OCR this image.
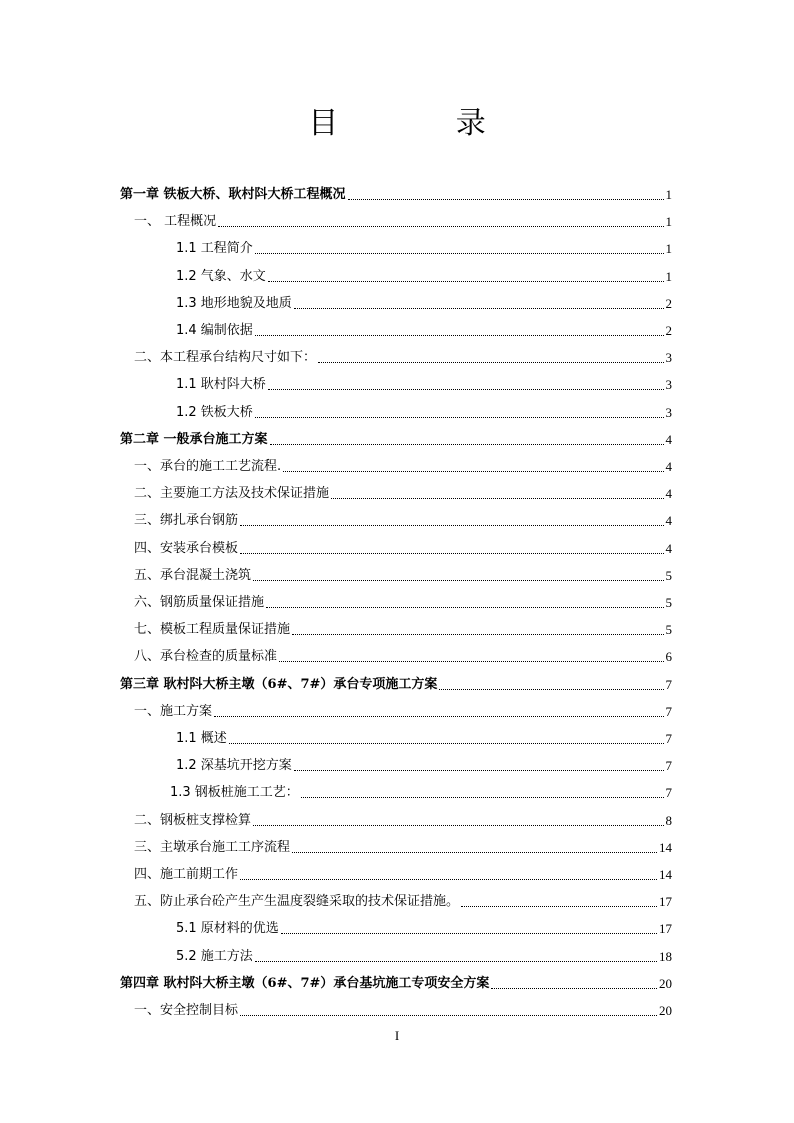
目 录
第一章 铁板大桥、耿村阧大桥工程概况	1
一、 工程概况	1
1.1 工程简介	1
1.2 气象、水文	1
1.3 地形地貌及地质	2
1.4 编制依据	2
二、本工程承台结构尺寸如下：	3
1.1 耿村阧大桥	3
1.2 铁板大桥	3
第二章 一般承台施工方案	4
一、承台的施工工艺流程.	4
二、主要施工方法及技术保证措施	4
三、绑扎承台钢筋	4
四、安装承台模板	4
五、承台混凝土浇筑	5
六、钢筋质量保证措施	5
七、模板工程质量保证措施	5
八、承台检查的质量标准	6
第三章 耿村阧大桥主墩（6#、7#）承台专项施工方案	7
一、施工方案	7
1.1 概述	7
1.2 深基坑开挖方案	7
1.3 钢板桩施工工艺：	7
二、钢板桩支撑检算	8
三、主墩承台施工工序流程	14
四、施工前期工作	14
五、防止承台砼产生产生温度裂缝采取的技术保证措施。	17
5.1 原材料的优选	17
5.2 施工方法	18
第四章 耿村阧大桥主墩（6#、7#）承台基坑施工专项安全方案	20
一、安全控制目标	20
I
